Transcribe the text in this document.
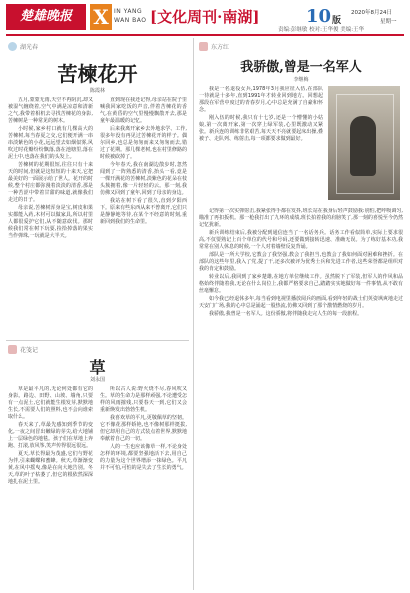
楚雄晚报	X IN YANG
WAN BAO [文化周刊·南湖]	10 版
2020年8月24日
星期一
责编:彭继敏 校对:王华俊 美编:王华
湖光春
苦楝花开
陈霞林

五月,蒙蒙无雨,天空不再阴沉,却又被湿气缠绕着,空气中满是凉意和清新之气,我带着相机去寻找苦楝花的身影,苦楝树是一种常见的树木。

小时候,家乡村口就有几棵高大的苦楝树,每当春夏之交,它们便开满一串串淡紫色的小花,远远望去如烟似雾,风吹过时花瓣纷纷飘落,落在池塘里,落在泥土中,也落在我们的头发上。

苦楝树的花期很短,往往只有十来天的时间,但就是这短短的十来天,它把最美好的一面展示给了世人。花开的时候,整个村庄都弥漫着淡淡的清香,那是一种苦涩中带着甘甜的味道,就像我们走过的日子。

母亲说,苦楝树浑身是宝,树皮和果实都能入药,木材可以做家具,所以村里人都很爱护它们,从不随意砍伐。那时候我们常在树下玩耍,捡拾掉落的果实当作弹珠,一玩就是大半天。

直到现在我还记得,母亲站在院子里喊我回家吃饭的声音,伴着苦楝花的香气,在黄昏的空气里慢慢飘散开去,那是童年最温暖的记忆。

后来我离开家乡去外地求学、工作,很多年没有再见过苦楝花开的样子。偶尔回乡,也总是匆匆而来又匆匆而去,错过了花期。那几棵老树,也在村里修路的时候被砍掉了。

今年春天,我在南湖边散步时,忽然闻到了一阵熟悉的清香,抬头一看,竟是一棵开满花的苦楝树,淡紫色的花朵在枝头簇拥着,像一片轻轻的云。那一刻,我仿佛又回到了童年,回到了母亲的身边。

我站在树下看了很久,直到夕阳西下。原来有些东西从来不曾离开,它们只是静静地等待,在某个不经意的时刻,重新回到我们的生命里。

花笺记
草
刘永国

草是最平凡的,无论何处都有它的身影。路边、田野、山坡、墙角,只要有一点泥土,它们就能生根发芽,默默地生长,不需要人们的照料,也不会向谁索取什么。

春天来了,草最先感知到季节的变化,一夜之间冒出嫩绿的芽尖,给大地铺上一层绿色的地毯。孩子们在草地上奔跑、打滚,放风筝,笑声传得很远很远。

夏天,草长得最为茂盛,它们与野花为伴,引来蝴蝶和蜜蜂。秋天,草渐渐变黄,在风中摇曳,像是在向大地告别。冬天,草的叶子枯萎了,但它的根依然深深地扎在泥土里。

所以古人说:野火烧不尽,春风吹又生。草的生命力是那样顽强,不论遭受怎样的风雨摧残,只要春天一到,它们又会重新焕发出勃勃生机。

我喜欢草的平凡,更敬佩草的坚韧。它不像花那样娇艳,也不像树那样挺拔,但它却用自己的方式装点着世界,默默地奉献着自己的一切。

人的一生也应该像草一样,不论身处怎样的环境,都要坚强地活下去,用自己的力量为这个世界增添一抹绿色。平凡并不可怕,可怕的是失去了生长的勇气。

东方红
我骄傲,曾是一名军人
李继梅

我是一名退役女兵,1978年3月我应征入伍,在部队一待就是十多年,直到1991年才转业回到地方。回想起那段在军营中度过的青春岁月,心中总是充满了自豪和怀念。

刚入伍的时候,我只有十七岁,还是一个懵懂的小姑娘,第一次离开家,第一次穿上绿军装,心里既激动又紧张。新兵连的训练非常艰苦,每天天不亮就要起床出操,叠被子、走队列、练射击,每一项都要求做到最好。

记得第一次实弹射击,我紧张得手都在发抖,班长站在我身后轻声鼓励我:别怕,把呼吸调匀,瞄准了再扣扳机。那一枪我打出了九环的成绩,班长拍着我的肩膀笑了,那一刻的喜悦至今仍然记忆犹新。

新兵训练结束后,我被分配到通信连当了一名话务兵。话务工作看似简单,实际上要求很高,不仅要熟记上百个单位的代号和号码,还要做到接转迅速、准确无误。为了练好基本功,我常常在别人休息的时候,一个人对着墙壁反复背诵。

部队是一所大学校,它教会了我坚强,教会了我担当,也教会了我如何面对困难和挫折。在部队的这些年里,我入了党,提了干,还多次被评为优秀士兵和先进工作者,这些荣誉都是组织对我的肯定和鼓励。

转业以后,我回到了家乡楚雄,在地方单位继续工作。虽然脱下了军装,但军人的作风和品格始终伴随着我,无论在什么岗位上,我都严格要求自己,踏踏实实地做好每一件事情,从不敢有丝毫懈怠。

如今我已经退休多年,每当看到电视里播放阅兵的画面,看到年轻的战士们英姿飒爽地走过天安门广场,我的心中总是涌起一股热流,仿佛又回到了那个激情燃烧的岁月。

我骄傲,我曾是一名军人。这份骄傲,将伴随我走完人生的每一段旅程。
